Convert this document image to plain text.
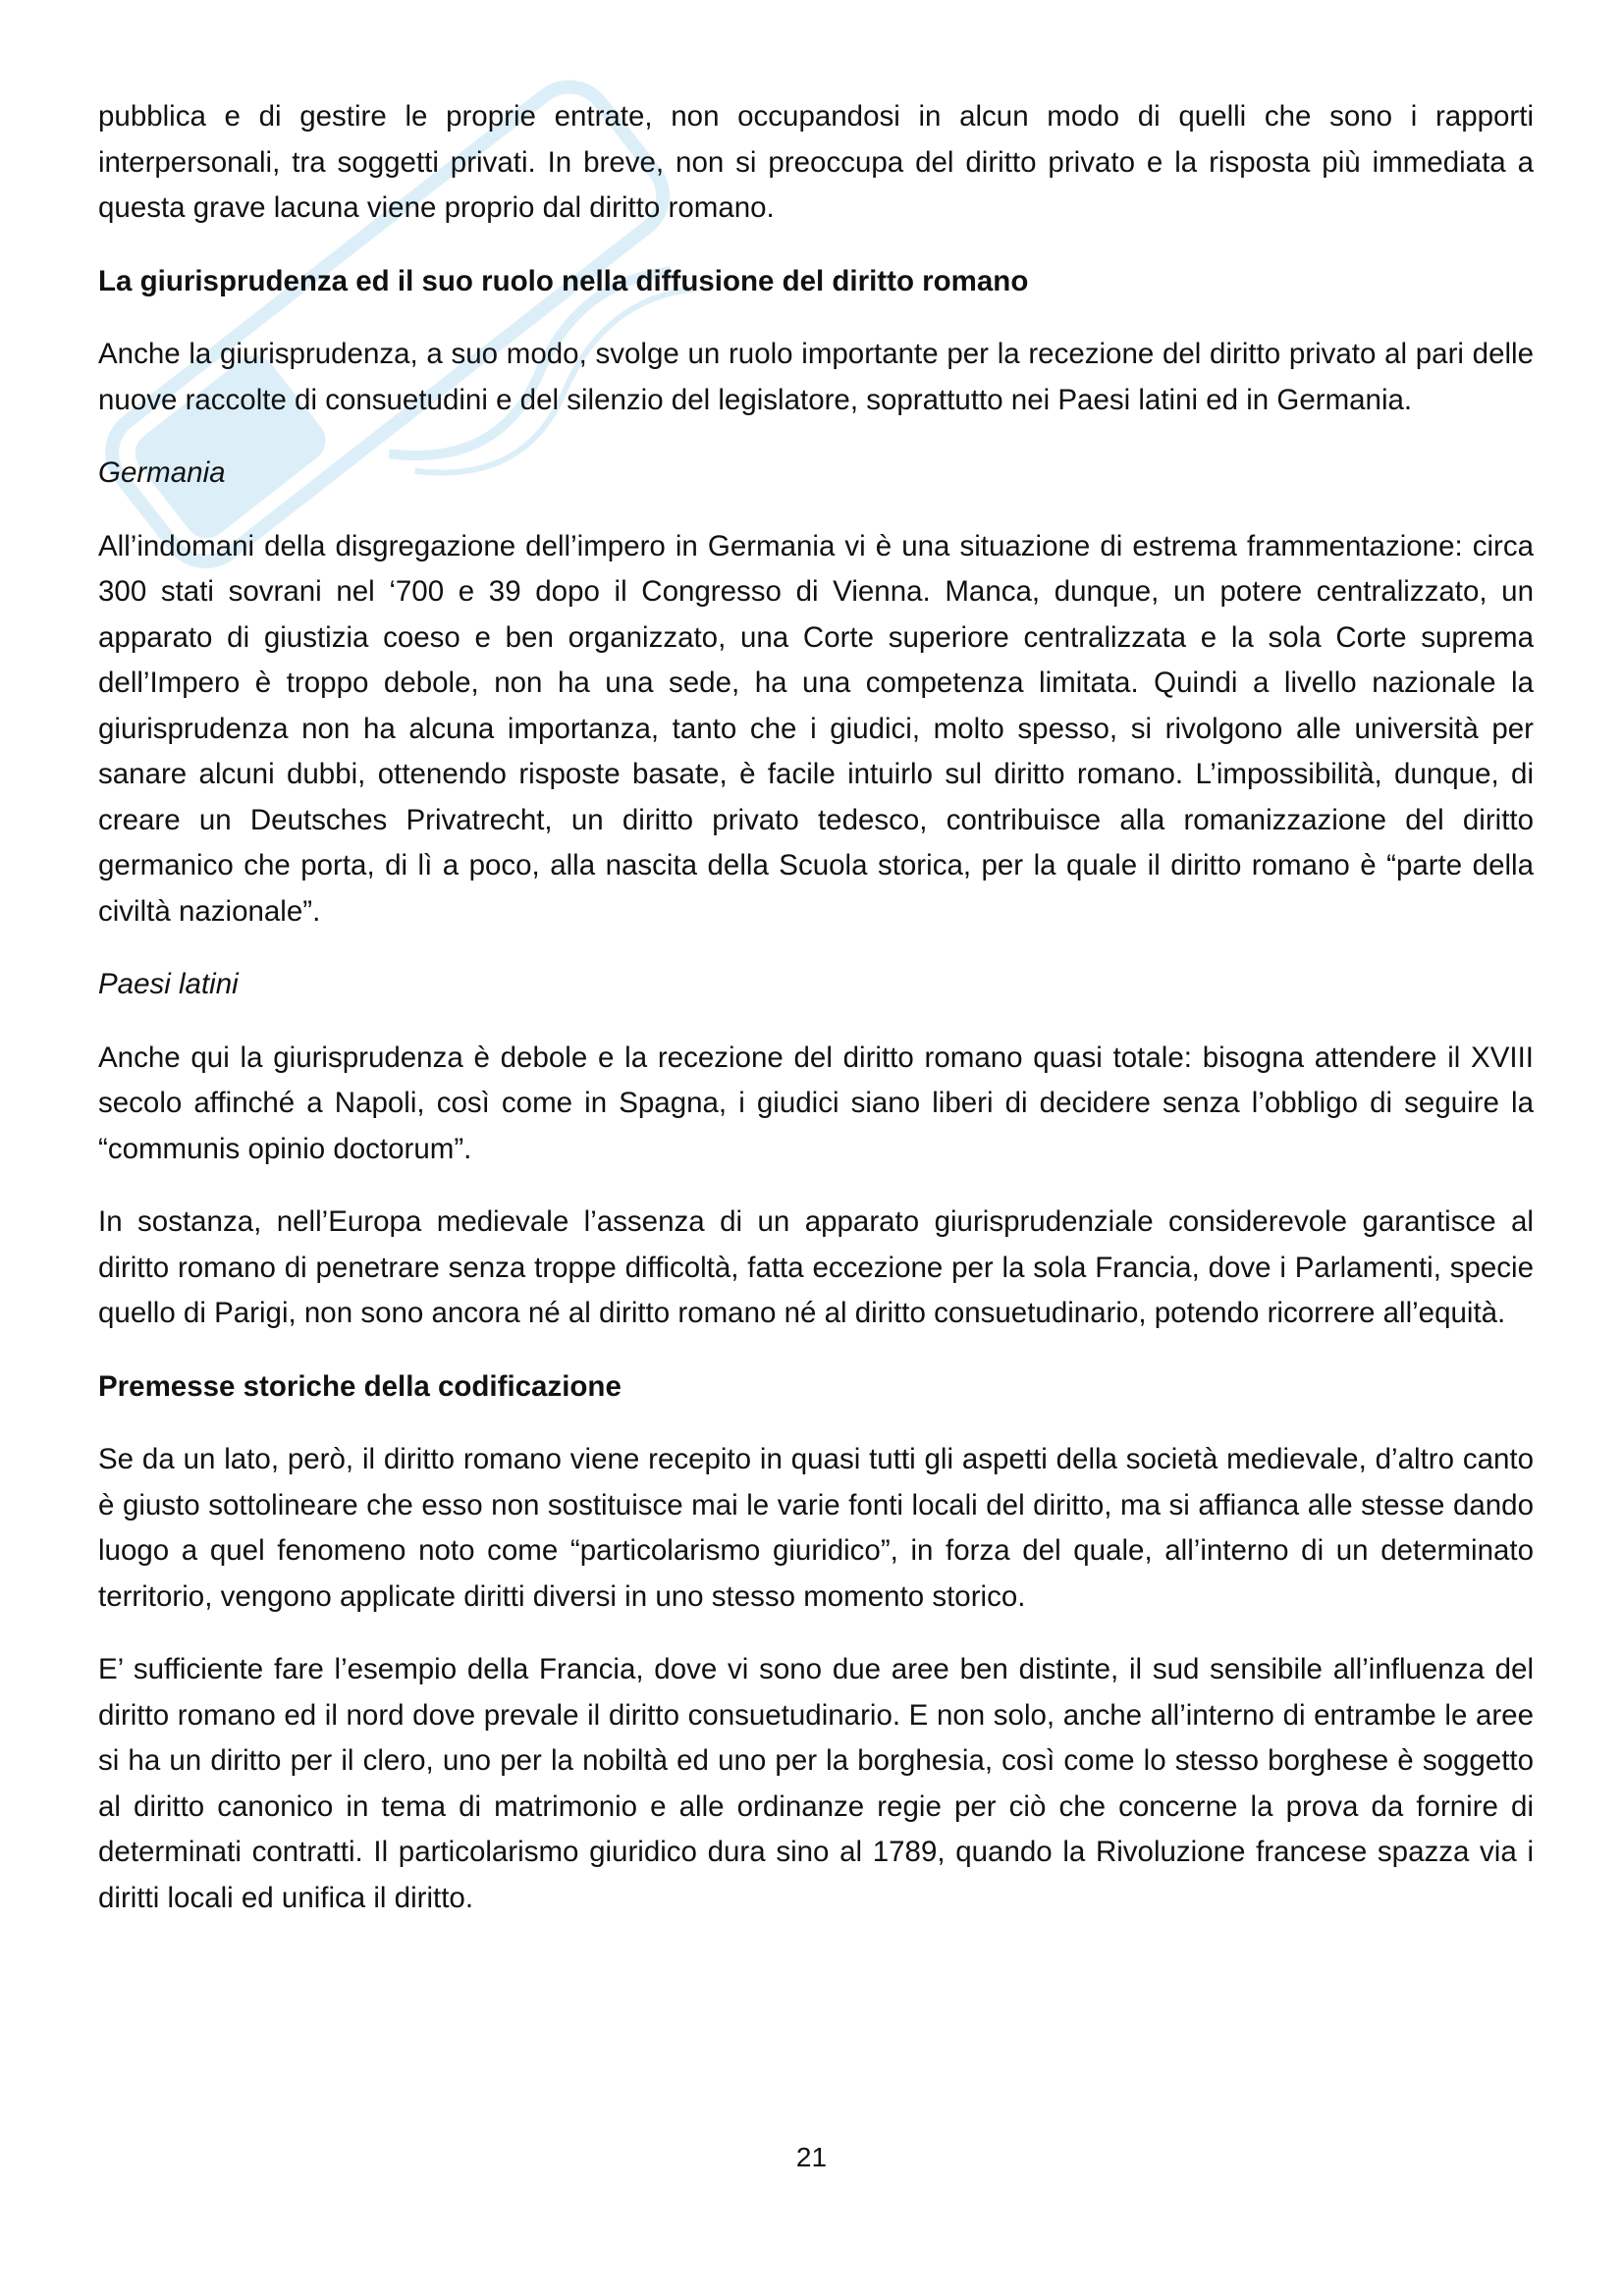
pubblica e di gestire le proprie entrate, non occupandosi in alcun modo di quelli che sono i rapporti interpersonali, tra soggetti privati. In breve, non si preoccupa del diritto privato e la risposta più immediata a questa grave lacuna viene proprio dal diritto romano.

La giurisprudenza ed il suo ruolo nella diffusione del diritto romano

Anche la giurisprudenza, a suo modo, svolge un ruolo importante per la recezione del diritto privato al pari delle nuove raccolte di consuetudini e del silenzio del legislatore, soprattutto nei Paesi latini ed in Germania.

Germania

All’indomani della disgregazione dell’impero in Germania vi è una situazione di estrema frammentazione: circa 300 stati sovrani nel ‘700 e 39 dopo il Congresso di Vienna. Manca, dunque, un potere centralizzato, un apparato di giustizia coeso e ben organizzato, una Corte superiore centralizzata e la sola Corte suprema dell’Impero è troppo debole, non ha una sede, ha una competenza limitata. Quindi a livello nazionale la giurisprudenza non ha alcuna importanza, tanto che i giudici, molto spesso, si rivolgono alle università per sanare alcuni dubbi, ottenendo risposte basate, è facile intuirlo sul diritto romano. L’impossibilità, dunque, di creare un Deutsches Privatrecht, un diritto privato tedesco, contribuisce alla romanizzazione del diritto germanico che porta, di lì a poco, alla nascita della Scuola storica, per la quale il diritto romano è “parte della civiltà nazionale”.

Paesi latini

Anche qui la giurisprudenza è debole e la recezione del diritto romano quasi totale: bisogna attendere il XVIII secolo affinché a Napoli, così come in Spagna, i giudici siano liberi di decidere senza l’obbligo di seguire la “communis opinio doctorum”.

In sostanza, nell’Europa medievale l’assenza di un apparato giurisprudenziale considerevole garantisce al diritto romano di penetrare senza troppe difficoltà, fatta eccezione per la sola Francia, dove i Parlamenti, specie quello di Parigi, non sono ancora né al diritto romano né al diritto consuetudinario, potendo ricorrere all’equità.

Premesse storiche della codificazione

Se da un lato, però, il diritto romano viene recepito in quasi tutti gli aspetti della società medievale, d’altro canto è giusto sottolineare che esso non sostituisce mai le varie fonti locali del diritto, ma si affianca alle stesse dando luogo a quel fenomeno noto come “particolarismo giuridico”, in forza del quale, all’interno di un determinato territorio, vengono applicate diritti diversi in uno stesso momento storico.

E’ sufficiente fare l’esempio della Francia, dove vi sono due aree ben distinte, il sud sensibile all’influenza del diritto romano ed il nord dove prevale il diritto consuetudinario. E non solo, anche all’interno di entrambe le aree si ha un diritto per il clero, uno per la nobiltà ed uno per la borghesia, così come lo stesso borghese è soggetto al diritto canonico in tema di matrimonio e alle ordinanze regie per ciò che concerne la prova da fornire di determinati contratti. Il particolarismo giuridico dura sino al 1789, quando la Rivoluzione francese spazza via i diritti locali ed unifica il diritto.

21
